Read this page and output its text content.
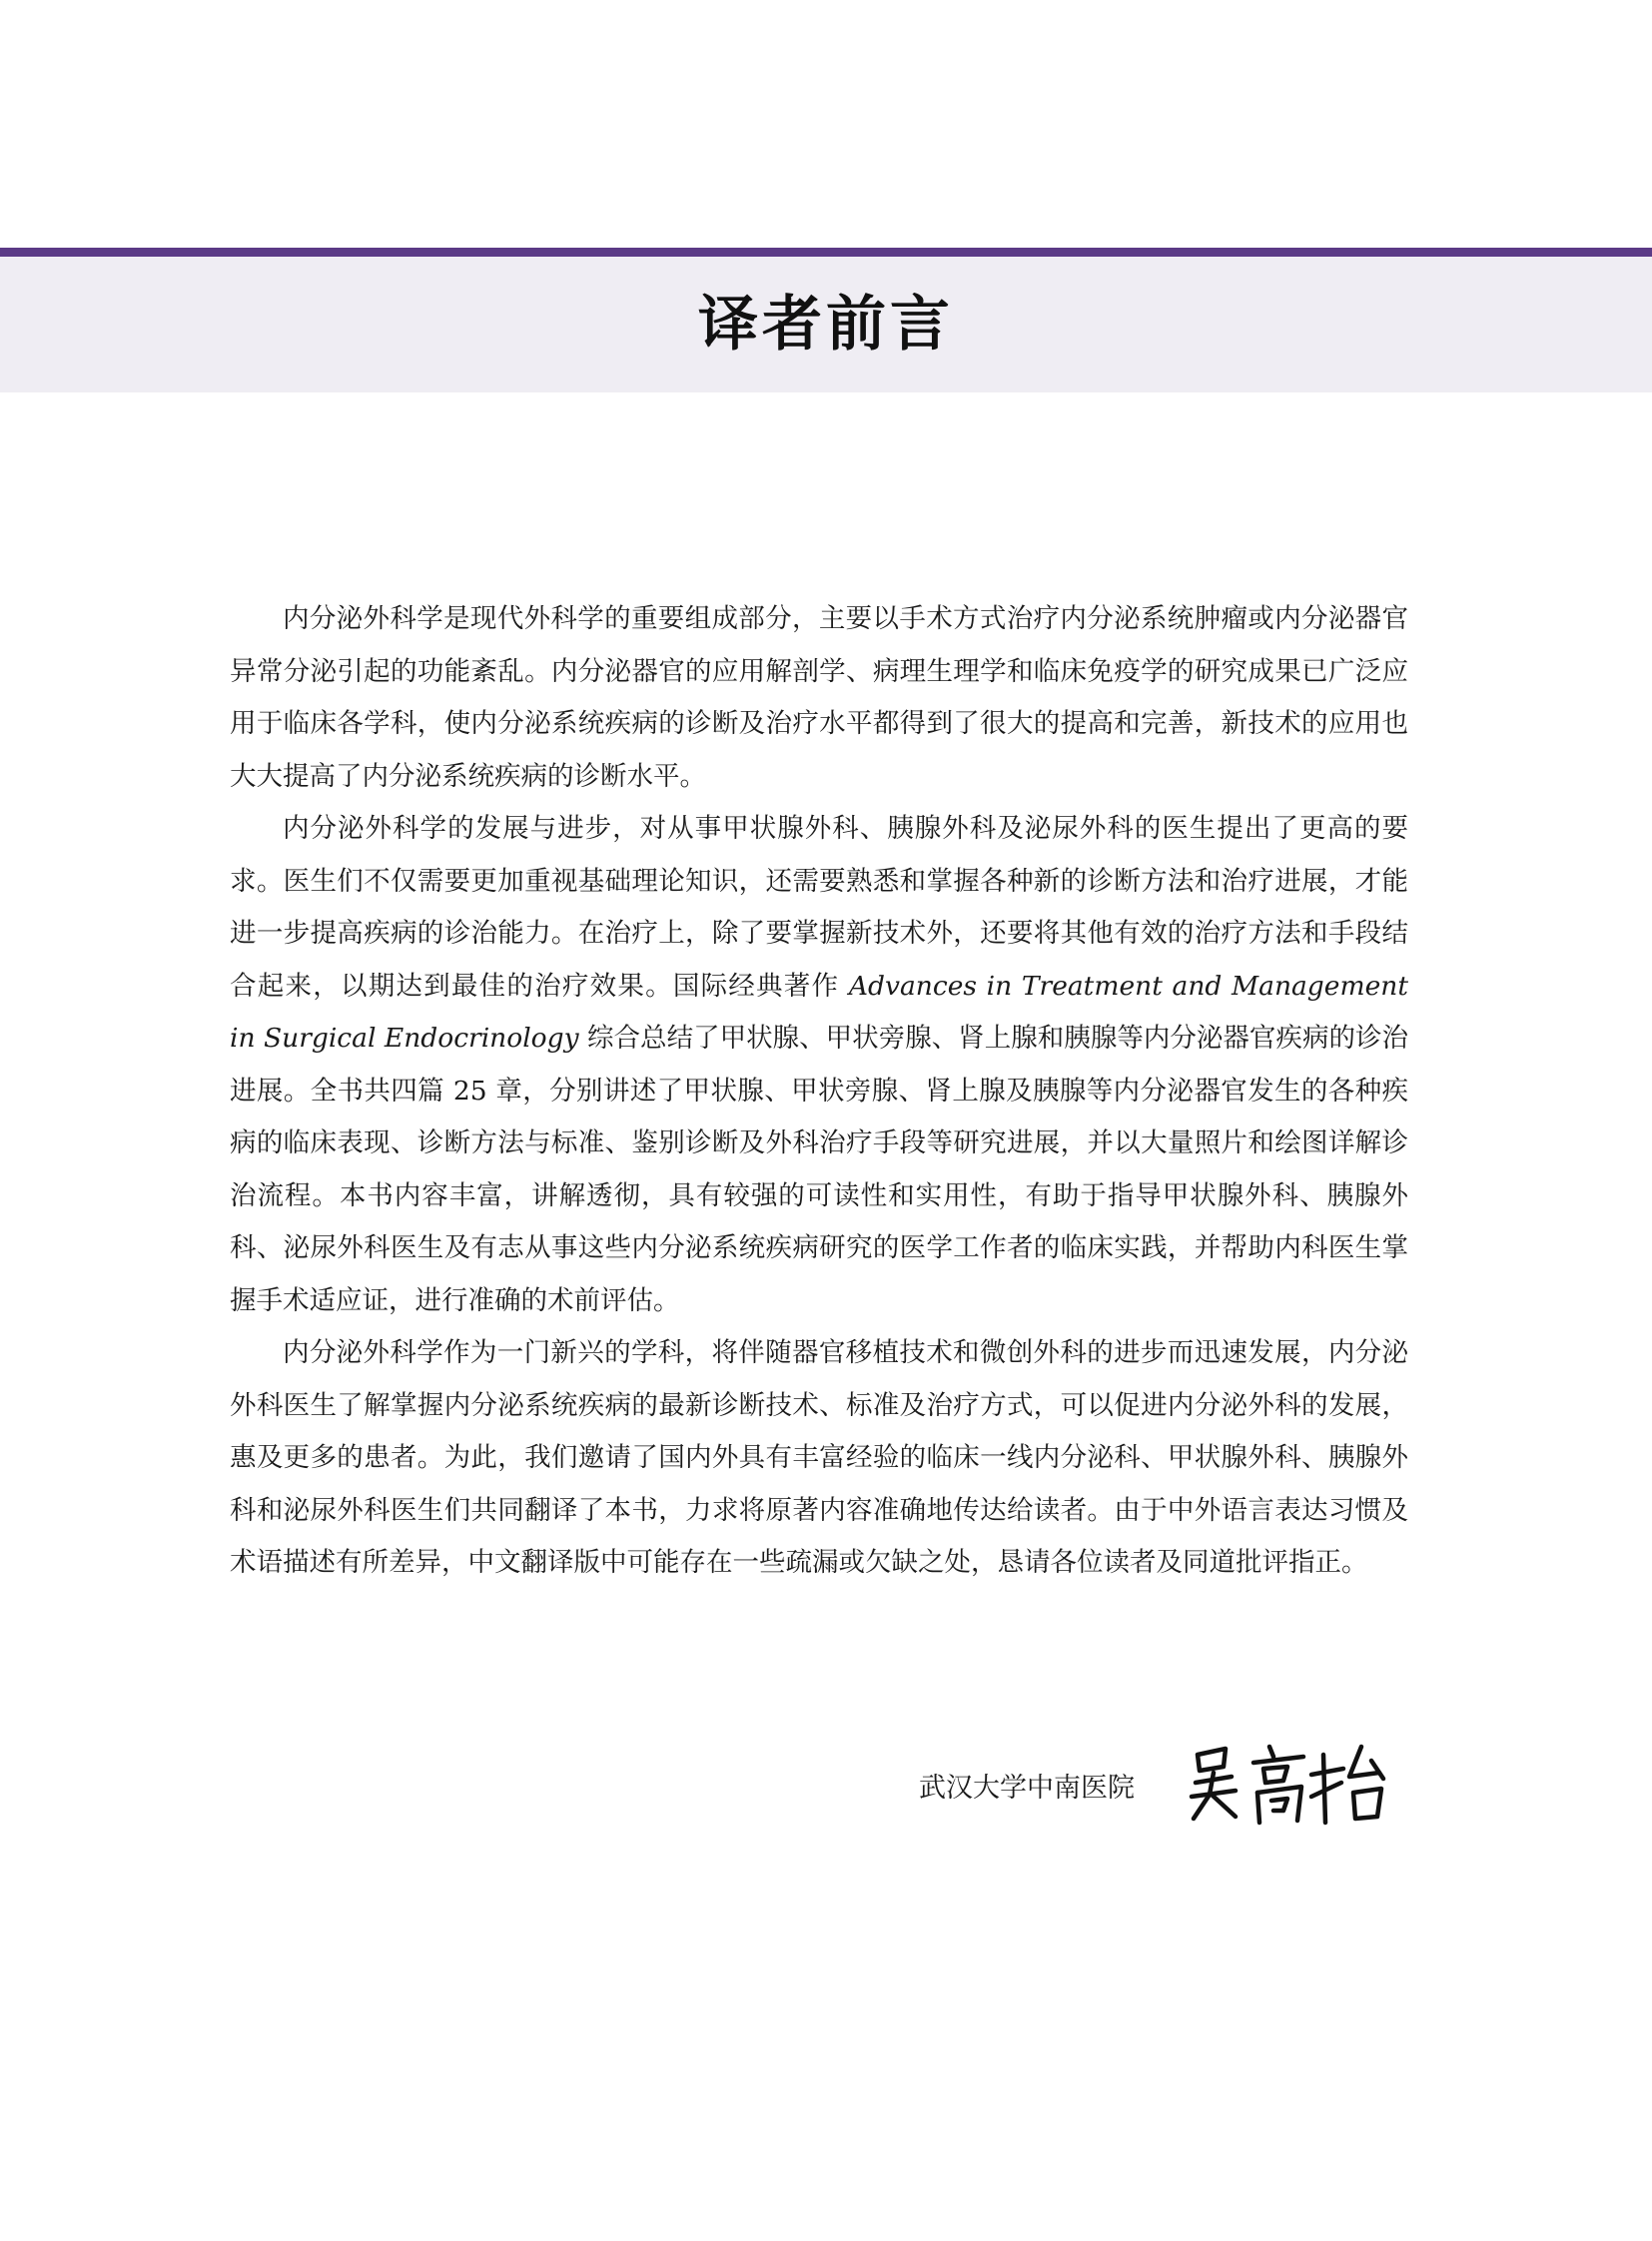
译者前言

内分泌外科学是现代外科学的重要组成部分，主要以手术方式治疗内分泌系统肿瘤或内分泌器官异常分泌引起的功能紊乱。内分泌器官的应用解剖学、病理生理学和临床免疫学的研究成果已广泛应用于临床各学科，使内分泌系统疾病的诊断及治疗水平都得到了很大的提高和完善，新技术的应用也大大提高了内分泌系统疾病的诊断水平。

内分泌外科学的发展与进步，对从事甲状腺外科、胰腺外科及泌尿外科的医生提出了更高的要求。医生们不仅需要更加重视基础理论知识，还需要熟悉和掌握各种新的诊断方法和治疗进展，才能进一步提高疾病的诊治能力。在治疗上，除了要掌握新技术外，还要将其他有效的治疗方法和手段结合起来，以期达到最佳的治疗效果。国际经典著作 Advances in Treatment and Management in Surgical Endocrinology 综合总结了甲状腺、甲状旁腺、肾上腺和胰腺等内分泌器官疾病的诊治进展。全书共四篇 25 章，分别讲述了甲状腺、甲状旁腺、肾上腺及胰腺等内分泌器官发生的各种疾病的临床表现、诊断方法与标准、鉴别诊断及外科治疗手段等研究进展，并以大量照片和绘图详解诊治流程。本书内容丰富，讲解透彻，具有较强的可读性和实用性，有助于指导甲状腺外科、胰腺外科、泌尿外科医生及有志从事这些内分泌系统疾病研究的医学工作者的临床实践，并帮助内科医生掌握手术适应证，进行准确的术前评估。

内分泌外科学作为一门新兴的学科，将伴随器官移植技术和微创外科的进步而迅速发展，内分泌外科医生了解掌握内分泌系统疾病的最新诊断技术、标准及治疗方式，可以促进内分泌外科的发展，惠及更多的患者。为此，我们邀请了国内外具有丰富经验的临床一线内分泌科、甲状腺外科、胰腺外科和泌尿外科医生们共同翻译了本书，力求将原著内容准确地传达给读者。由于中外语言表达习惯及术语描述有所差异，中文翻译版中可能存在一些疏漏或欠缺之处，恳请各位读者及同道批评指正。

武汉大学中南医院
